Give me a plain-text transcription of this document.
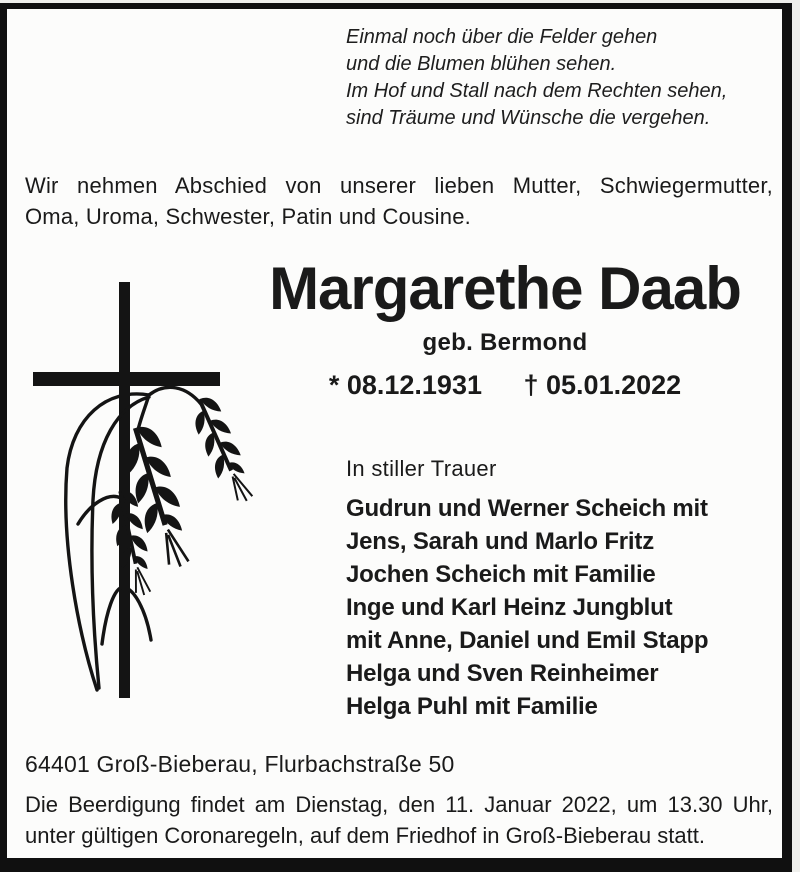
Einmal noch über die Felder gehen
und die Blumen blühen sehen.
Im Hof und Stall nach dem Rechten sehen,
sind Träume und Wünsche die vergehen.
Wir nehmen Abschied von unserer lieben Mutter, Schwiegermutter,
Oma, Uroma, Schwester, Patin und Cousine.
Margarethe Daab
geb. Bermond
* 08.12.1931 † 05.01.2022
In stiller Trauer
Gudrun und Werner Scheich mit
Jens, Sarah und Marlo Fritz
Jochen Scheich mit Familie
Inge und Karl Heinz Jungblut
mit Anne, Daniel und Emil Stapp
Helga und Sven Reinheimer
Helga Puhl mit Familie
64401 Groß-Bieberau, Flurbachstraße 50
Die Beerdigung findet am Dienstag, den 11. Januar 2022, um 13.30 Uhr,
unter gültigen Coronaregeln, auf dem Friedhof in Groß-Bieberau statt.
